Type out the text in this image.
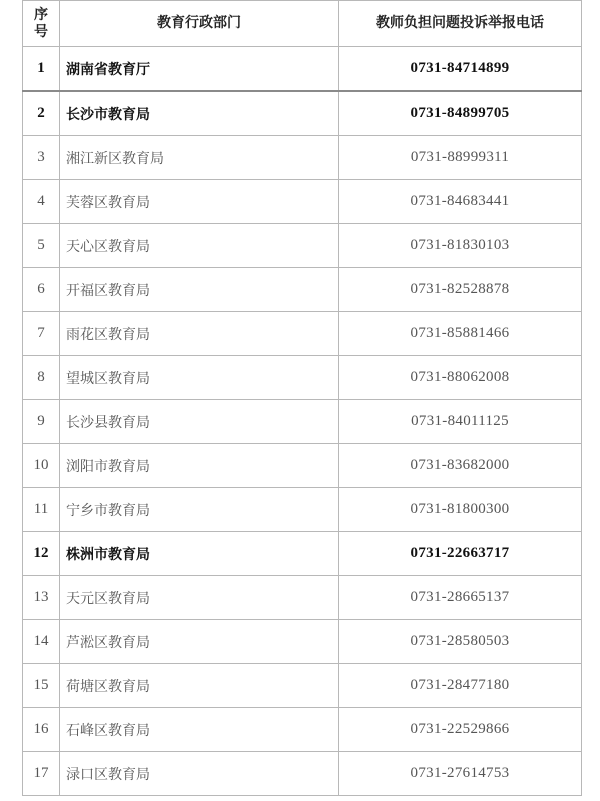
序
号	教育行政部门	教师负担问题投诉举报电话
1	湖南省教育厅	0731-84714899
2	长沙市教育局	0731-84899705
3	湘江新区教育局	0731-88999311
4	芙蓉区教育局	0731-84683441
5	天心区教育局	0731-81830103
6	开福区教育局	0731-82528878
7	雨花区教育局	0731-85881466
8	望城区教育局	0731-88062008
9	长沙县教育局	0731-84011125
10	浏阳市教育局	0731-83682000
11	宁乡市教育局	0731-81800300
12	株洲市教育局	0731-22663717
13	天元区教育局	0731-28665137
14	芦淞区教育局	0731-28580503
15	荷塘区教育局	0731-28477180
16	石峰区教育局	0731-22529866
17	渌口区教育局	0731-27614753
